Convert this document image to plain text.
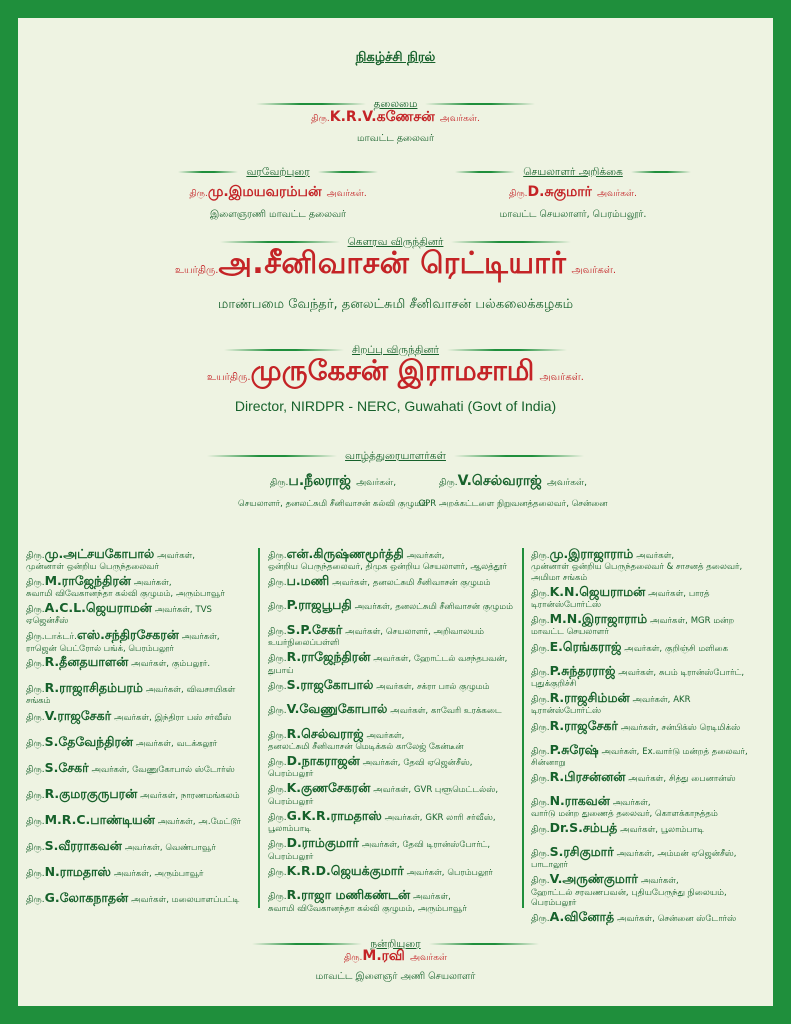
நிகழ்ச்சி நிரல்
தலைமை
திரு.K.R.V.கணேசன் அவர்கள்.
மாவட்ட தலைவர்
வரவேற்புரை
திரு.மு.இமயவரம்பன் அவர்கள்.
இளைஞரணி மாவட்ட தலைவர்
செயலாளர் அறிக்கை
திரு.D.சுகுமார் அவர்கள்.
மாவட்ட செயலாளர், பெரம்பலூர்.
கௌரவ விருந்தினர்
உயர்திரு.அ.சீனிவாசன் ரெட்டியார் அவர்கள்.
மாண்பமை வேந்தர், தனலட்சுமி சீனிவாசன் பல்கலைக்கழகம்
சிறப்பு விருந்தினர்
உயர்திரு.முருகேசன் இராமசாமி அவர்கள்.
Director, NIRDPR - NERC, Guwahati (Govt of India)
வாழ்த்துரையாளர்கள்
திரு.ப.நீலராஜ் அவர்கள்,
செயலாளர், தனலட்சுமி சீனிவாசன் கல்வி குழுமம்
திரு.V.செல்வராஜ் அவர்கள்,
OPR அறக்கட்டளை நிறுவனத்தலைவர், சென்னை
திரு.மு.அட்சயகோபால் அவர்கள்,
முன்னாள் ஒன்றிய பெருந்தலைவர்
திரு.M.ராஜேந்திரன் அவர்கள்,
சுவாமி விவேகானந்தா கல்வி குழுமம், அரும்பாவூர்
திரு.A.C.L.ஜெயராமன் அவர்கள், TVS ஏஜென்சீஸ்
திரு.டாக்டர்.எஸ்.சந்திரசேகரன் அவர்கள்,
ராஜென் பெட்ரோல் பங்க், பெரம்பலூர்
திரு.R.தீனதயாளன் அவர்கள், கும்பலூர்.
திரு.R.ராஜாசிதம்பரம் அவர்கள், விவசாயிகள் சங்கம்
திரு.V.ராஜசேகர் அவர்கள், இந்திரா பஸ் சர்வீஸ்
திரு.S.தேவேந்திரன் அவர்கள், வடக்கலூர்
திரு.S.சேகர் அவர்கள், வேணுகோபால் ஸ்டோர்ஸ்
திரு.R.குமரகுருபரன் அவர்கள், நாரணமங்கலம்
திரு.M.R.C.பாண்டியன் அவர்கள், அ.மேட்டூர்
திரு.S.வீரராகவன் அவர்கள், வெண்பாவூர்
திரு.N.ராமதாஸ் அவர்கள், அரும்பாவூர்
திரு.G.லோகநாதன் அவர்கள், மலையாளப்பட்டி
திரு.என்.கிருஷ்ணமூர்த்தி அவர்கள்,
ஒன்றிய பெருந்தலைவர், திமுக ஒன்றிய செயலாளர், ஆலத்தூர்
திரு.ப.மணி அவர்கள், தனலட்சுமி சீனிவாசன் குழுமம்
திரு.P.ராஜபூபதி அவர்கள், தனலட்சுமி சீனிவாசன் குழுமம்
திரு.S.P.சேகர் அவர்கள், செயலாளர், அறிவாலயம் உயர்நிலைப்பள்ளி
திரு.R.ராஜேந்திரன் அவர்கள், ஹோட்டல் வசந்தபவன், துபாய்
திரு.S.ராஜகோபால் அவர்கள், சக்ரா பால் குழுமம்
திரு.V.வேணுகோபால் அவர்கள், காவேரி உரக்கடை
திரு.R.செல்வராஜ் அவர்கள்,
தனலட்சுமி சீனிவாசன் மெடிக்கல் காலேஜ் கேன்டீன்
திரு.D.நாகராஜன் அவர்கள், தேவி ஏஜென்சீஸ், பெரம்பலூர்
திரு.K.குணசேகரன் அவர்கள், GVR புளூமெட்டல்ஸ், பெரம்பலூர்
திரு.G.K.R.ராமதாஸ் அவர்கள், GKR லாரி சர்வீஸ், பூலாம்பாடி
திரு.D.ராம்குமார் அவர்கள், தேவி டிரான்ஸ்போர்ட், பெரம்பலூர்
திரு.K.R.D.ஜெயக்குமார் அவர்கள், பெரம்பலூர்
திரு.R.ராஜா மணிகண்டன் அவர்கள்,
சுவாமி விவேகானந்தா கல்வி குழுமம், அரும்பாவூர்
திரு.மு.இராஜாராம் அவர்கள்,
முன்னாள் ஒன்றிய பெருந்தலைவர் & சாசனத் தலைவர், அமிமா சங்கம்
திரு.K.N.ஜெயராமன் அவர்கள், பாரத் டிரான்ஸ்போர்ட்ஸ்
திரு.M.N.இராஜாராம் அவர்கள், MGR மன்ற மாவட்ட செயலாளர்
திரு.E.ரெங்கராஜ் அவர்கள், குறிஞ்சி மளிகை
திரு.P.சுந்தரராஜ் அவர்கள், சுபம் டிரான்ஸ்போர்ட், புதுக்குறிச்சி
திரு.R.ராஜசிம்மன் அவர்கள், AKR டிரான்ஸ்போர்ட்ஸ்
திரு.R.ராஜசேகர் அவர்கள், சன்பிக்ஸ் ரெடிமிக்ஸ்
திரு.P.சுரேஷ் அவர்கள், Ex.வார்டு மன்றத் தலைவர், சின்னாறு
திரு.R.பிரசன்னன் அவர்கள், சித்து பைனான்ஸ்
திரு.N.ராகவன் அவர்கள்,
வார்டு மன்ற துணைத் தலைவர், கொளக்காநத்தம்
திரு.Dr.S.சம்பத் அவர்கள், பூலாம்பாடி
திரு.S.ரசிகுமார் அவர்கள், அம்மன் ஏஜென்சீஸ், பாடாலூர்
திரு.V.அருண்குமார் அவர்கள்,
ஹோட்டல் சரவணபவன், புதியபேருந்து நிலையம், பெரம்பலூர்
திரு.A.வினோத் அவர்கள், சென்னை ஸ்டோர்ஸ்
நன்றியுரை
திரு.M.ரவி அவர்கள்
மாவட்ட இளைஞர் அணி செயலாளர்
